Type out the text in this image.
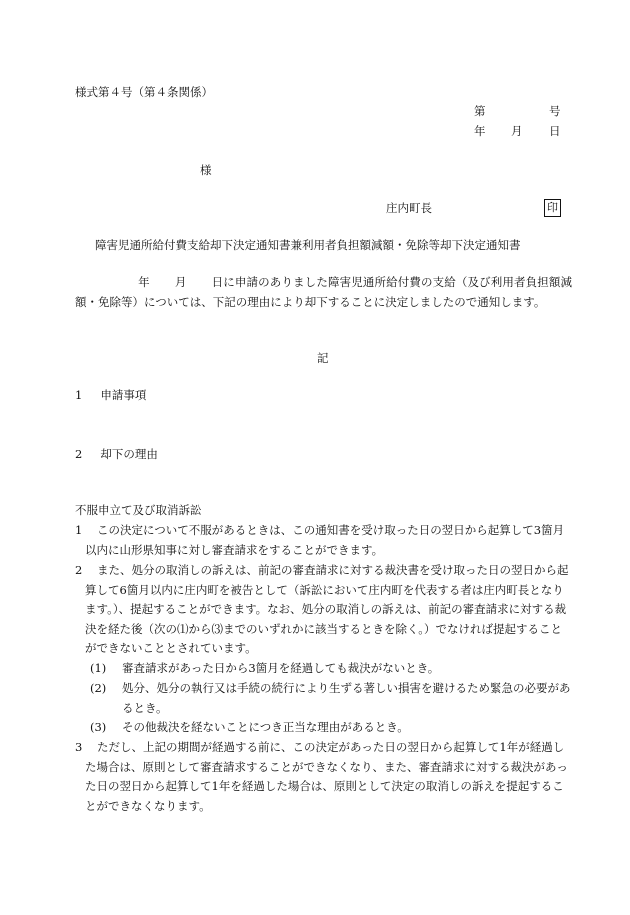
様式第４号（第４条関係）
第	号
年 月 日
様
庄内町長	印
障害児通所給付費支給却下決定通知書兼利用者負担額減額・免除等却下決定通知書
年 月 日に申請のありました障害児通所給付費の支給（及び利用者負担額減額・免除等）については、下記の理由により却下することに決定しましたので通知します。
記
1 申請事項
2 却下の理由
不服申立て及び取消訴訟
1 この決定について不服があるときは、この通知書を受け取った日の翌日から起算して3箇月以内に山形県知事に対し審査請求をすることができます。
2 また、処分の取消しの訴えは、前記の審査請求に対する裁決書を受け取った日の翌日から起算して6箇月以内に庄内町を被告として（訴訟において庄内町を代表する者は庄内町長となります。）、提起することができます。なお、処分の取消しの訴えは、前記の審査請求に対する裁決を経た後（次の⑴から⑶までのいずれかに該当するときを除く。）でなければ提起することができないこととされています。
(1) 審査請求があった日から3箇月を経過しても裁決がないとき。
(2) 処分、処分の執行又は手続の続行により生ずる著しい損害を避けるため緊急の必要があるとき。
(3) その他裁決を経ないことにつき正当な理由があるとき。
3 ただし、上記の期間が経過する前に、この決定があった日の翌日から起算して1年が経過した場合は、原則として審査請求することができなくなり、また、審査請求に対する裁決があった日の翌日から起算して1年を経過した場合は、原則として決定の取消しの訴えを提起することができなくなります。
